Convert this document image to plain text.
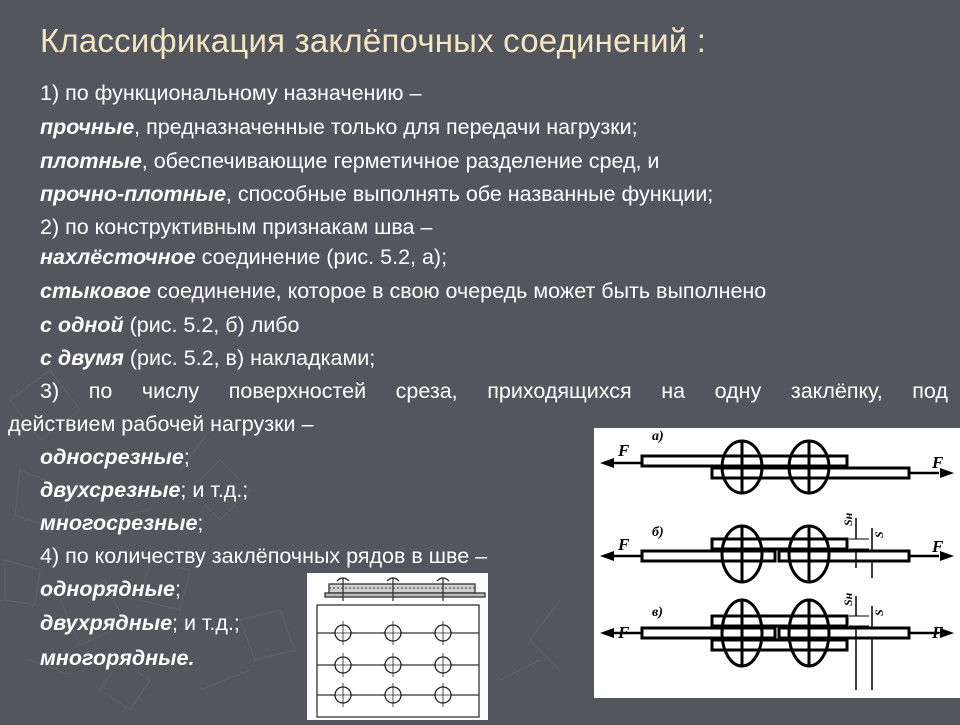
Классификация заклёпочных соединений :
1) по функциональному назначению –
прочные, предназначенные только для передачи нагрузки;
плотные, обеспечивающие герметичное разделение сред, и
прочно-плотные, способные выполнять обе названные функции;
2) по конструктивным признакам шва –
нахлёсточное соединение (рис. 5.2, а);
стыковое соединение, которое в свою очередь может быть выполнено
с одной (рис. 5.2, б) либо
с двумя (рис. 5.2, в) накладками;
3) по числу поверхностей среза, приходящихся на одну заклёпку, под
действием рабочей нагрузки –
односрезные;
двухсрезные; и т.д.;
многосрезные;
4) по количеству заклёпочных рядов в шве –
однорядные;
двухрядные; и т.д.;
многорядные.
а)
б)
в)
F
F
F	F
F	F
Sн
S
Sн
S
